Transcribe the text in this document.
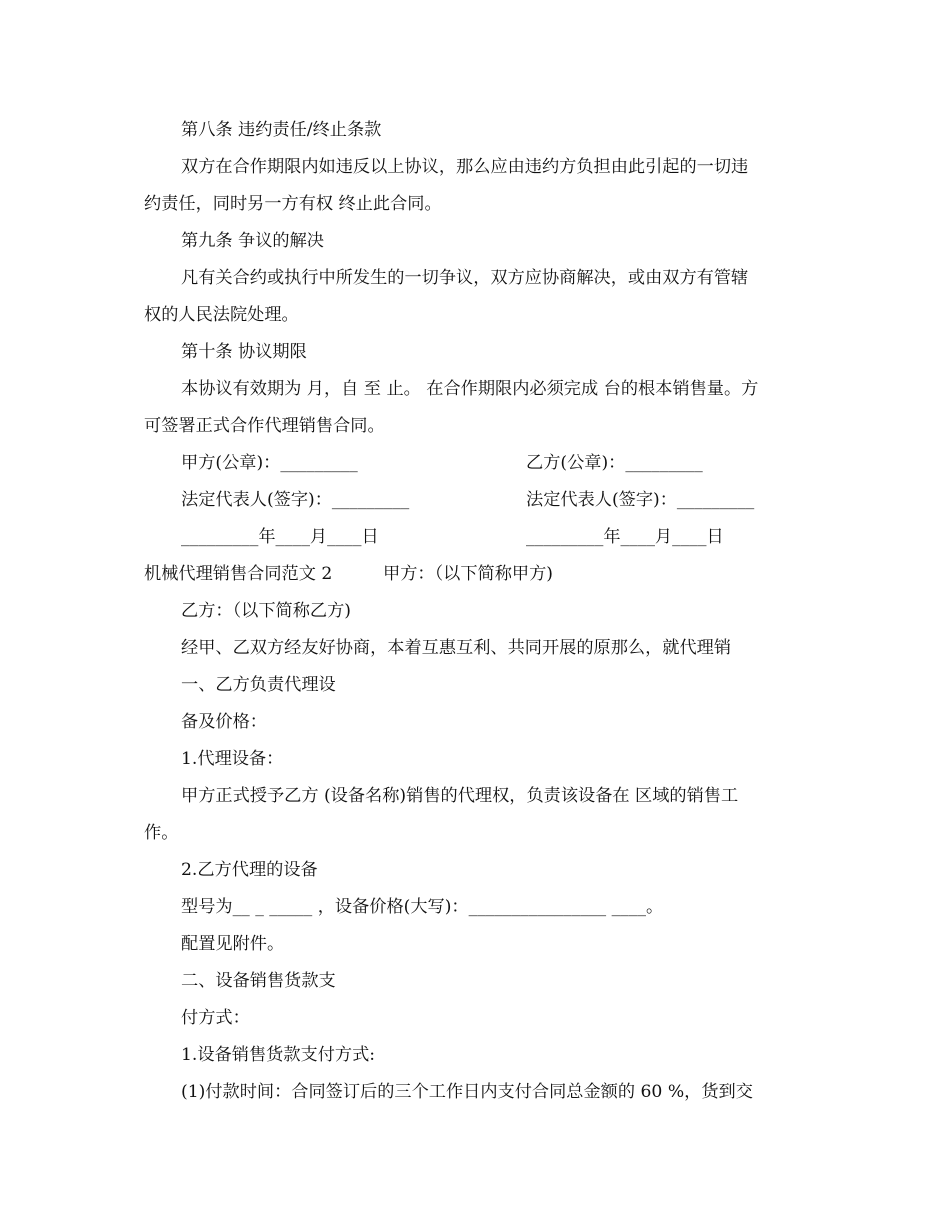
第八条 违约责任/终止条款
双方在合作期限内如违反以上协议，那么应由违约方负担由此引起的一切违
约责任，同时另一方有权 终止此合同。
第九条 争议的解决
凡有关合约或执行中所发生的一切争议，双方应协商解决，或由双方有管辖
权的人民法院处理。
第十条 协议期限
本协议有效期为 月，自 至 止。 在合作期限内必须完成 台的根本销售量。方
可签署正式合作代理销售合同。
甲方(公章)：_________	乙方(公章)：_________
法定代表人(签字)：_________	法定代表人(签字)：_________
_________年____月____日	_________年____月____日
机械代理销售合同范文 2	甲方：（以下简称甲方)
乙方：（以下简称乙方)
经甲、乙双方经友好协商，本着互惠互利、共同开展的原那么，就代理销
一、乙方负责代理设
备及价格：
1.代理设备：
甲方正式授予乙方 (设备名称)销售的代理权，负责该设备在 区域的销售工
作。
2.乙方代理的设备
型号为__ _ _____ ，设备价格(大写)：________________ ____。
配置见附件。
二、设备销售货款支
付方式：
1.设备销售货款支付方式:
(1)付款时间：合同签订后的三个工作日内支付合同总金额的 60 %，货到交
